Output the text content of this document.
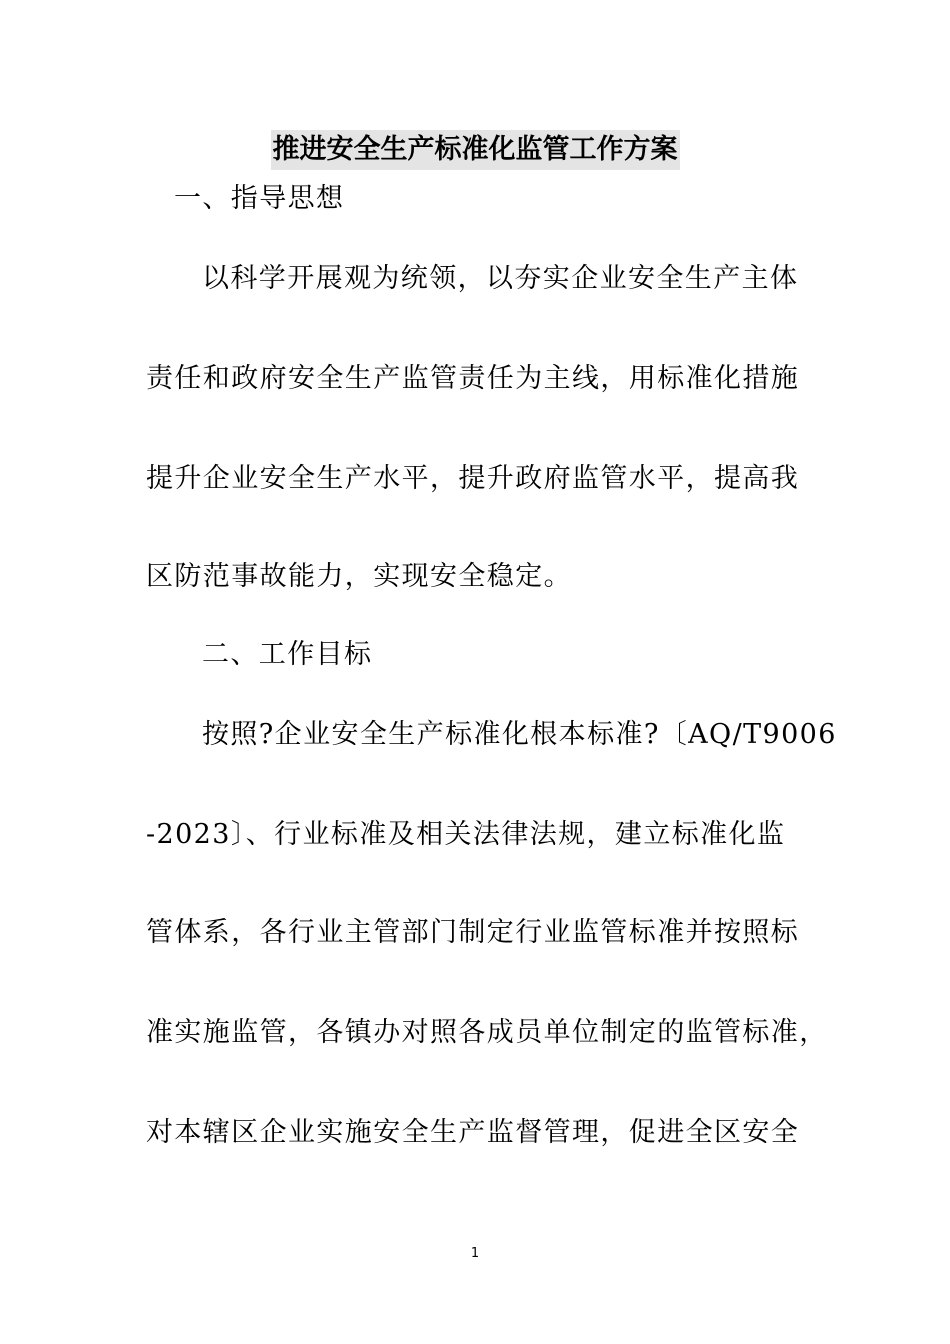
推进安全生产标准化监管工作方案
一、指导思想
以科学开展观为统领，以夯实企业安全生产主体
责任和政府安全生产监管责任为主线，用标准化措施
提升企业安全生产水平，提升政府监管水平，提高我
区防范事故能力，实现安全稳定。
二、工作目标
按照?企业安全生产标准化根本标准?〔AQ/T9006
-2023〕、行业标准及相关法律法规，建立标准化监
管体系，各行业主管部门制定行业监管标准并按照标
准实施监管，各镇办对照各成员单位制定的监管标准，
对本辖区企业实施安全生产监督管理，促进全区安全
1
